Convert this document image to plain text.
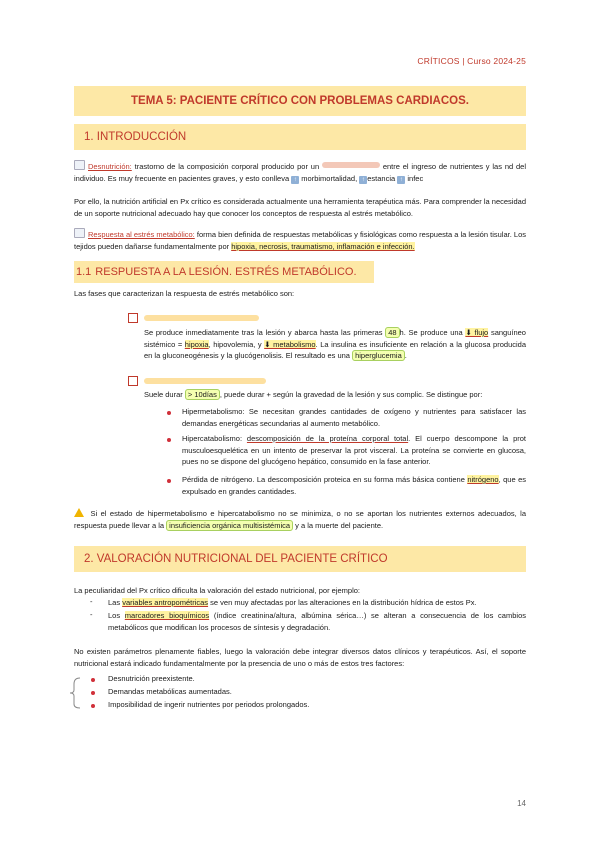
CRÍTICOS | Curso 2024-25
TEMA 5: PACIENTE CRÍTICO CON PROBLEMAS CARDIACOS.
1. INTRODUCCIÓN

Desnutrición: trastorno de la composición corporal producido por un	entre el ingreso de nutrientes y las nd del individuo. Es muy frecuente en pacientes graves, y esto conlleva ↑ morbimortalidad, ↑ estancia ↑ infec

Por ello, la nutrición artificial en Px crítico es considerada actualmente una herramienta terapéutica más. Para comprender la necesidad de un soporte nutricional adecuado hay que conocer los conceptos de respuesta al estrés metabólico.

Respuesta al estrés metabólico: forma bien definida de respuestas metabólicas y fisiológicas como respuesta a la lesión tisular. Los tejidos pueden dañarse fundamentalmente por hipoxia, necrosis, traumatismo, inflamación e infección.

1.1 RESPUESTA A LA LESIÓN. ESTRÉS METABÓLICO.

Las fases que caracterizan la respuesta de estrés metabólico son:

Se produce inmediatamente tras la lesión y abarca hasta las primeras 48 h. Se produce una ⬇ flujo sanguíneo sistémico = hipoxia, hipovolemia, y ⬇ metabolismo. La insulina es insuficiente en relación a la glucosa producida en la gluconeogénesis y la glucógenolisis. El resultado es una hiperglucemia .

Suele durar > 10días , puede durar + según la gravedad de la lesión y sus complic. Se distingue por:

Hipermetabolismo: Se necesitan grandes cantidades de oxígeno y nutrientes para satisfacer las demandas energéticas secundarias al aumento metabólico.

Hipercatabolismo: descomposición de la proteína corporal total. El cuerpo descompone la prot musculoesquelética en un intento de preservar la prot visceral. La proteína se convierte en glucosa, pues no se dispone del glucógeno hepático, consumido en la fase anterior.

Pérdida de nitrógeno. La descomposición proteica en su forma más básica contiene nitrógeno, que es expulsado en grandes cantidades.

Si el estado de hipermetabolismo e hipercatabolismo no se minimiza, o no se aportan los nutrientes externos adecuados, la respuesta puede llevar a la insuficiencia orgánica multisistémica y a la muerte del paciente.

2. VALORACIÓN NUTRICIONAL DEL PACIENTE CRÍTICO

La peculiaridad del Px crítico dificulta la valoración del estado nutricional, por ejemplo:

- Las variables antropométricas se ven muy afectadas por las alteraciones en la distribución hídrica de estos Px.

- Los marcadores bioquímicos (índice creatinina/altura, albúmina sérica…) se alteran a consecuencia de los cambios metabólicos que modifican los procesos de síntesis y degradación.

No existen parámetros plenamente fiables, luego la valoración debe integrar diversos datos clínicos y terapéuticos. Así, el soporte nutricional estará indicado fundamentalmente por la presencia de uno o más de estos tres factores:

Desnutrición preexistente.

Demandas metabólicas aumentadas.

Imposibilidad de ingerir nutrientes por periodos prolongados.

14
